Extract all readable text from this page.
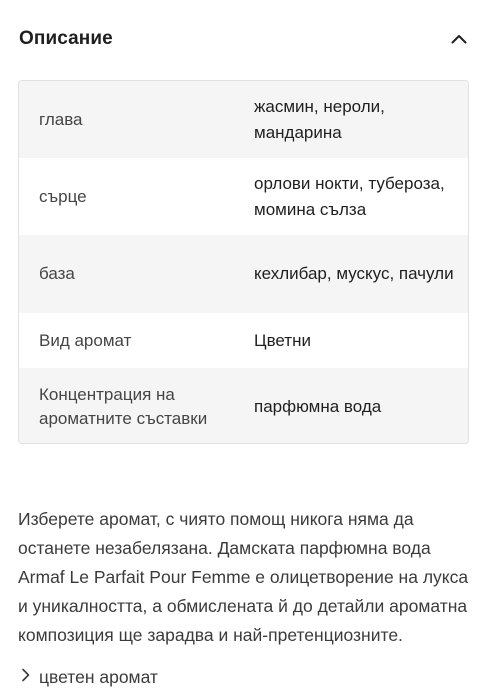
Описание
глава
жасмин, нероли, мандарина
сърце
орлови нокти, тубероза, момина сълза
база	кехлибар, мускус, пачули
Вид аромат	Цветни
Концентрация на ароматните съставки
парфюмна вода

Изберете аромат, с чиято помощ никога няма да останете незабелязана. Дамската парфюмна вода Armaf Le Parfait Pour Femme е олицетворение на лукса и уникалността, а обмислената й до детайли ароматна композиция ще зарадва и най-претенциозните.

цветен аромат
